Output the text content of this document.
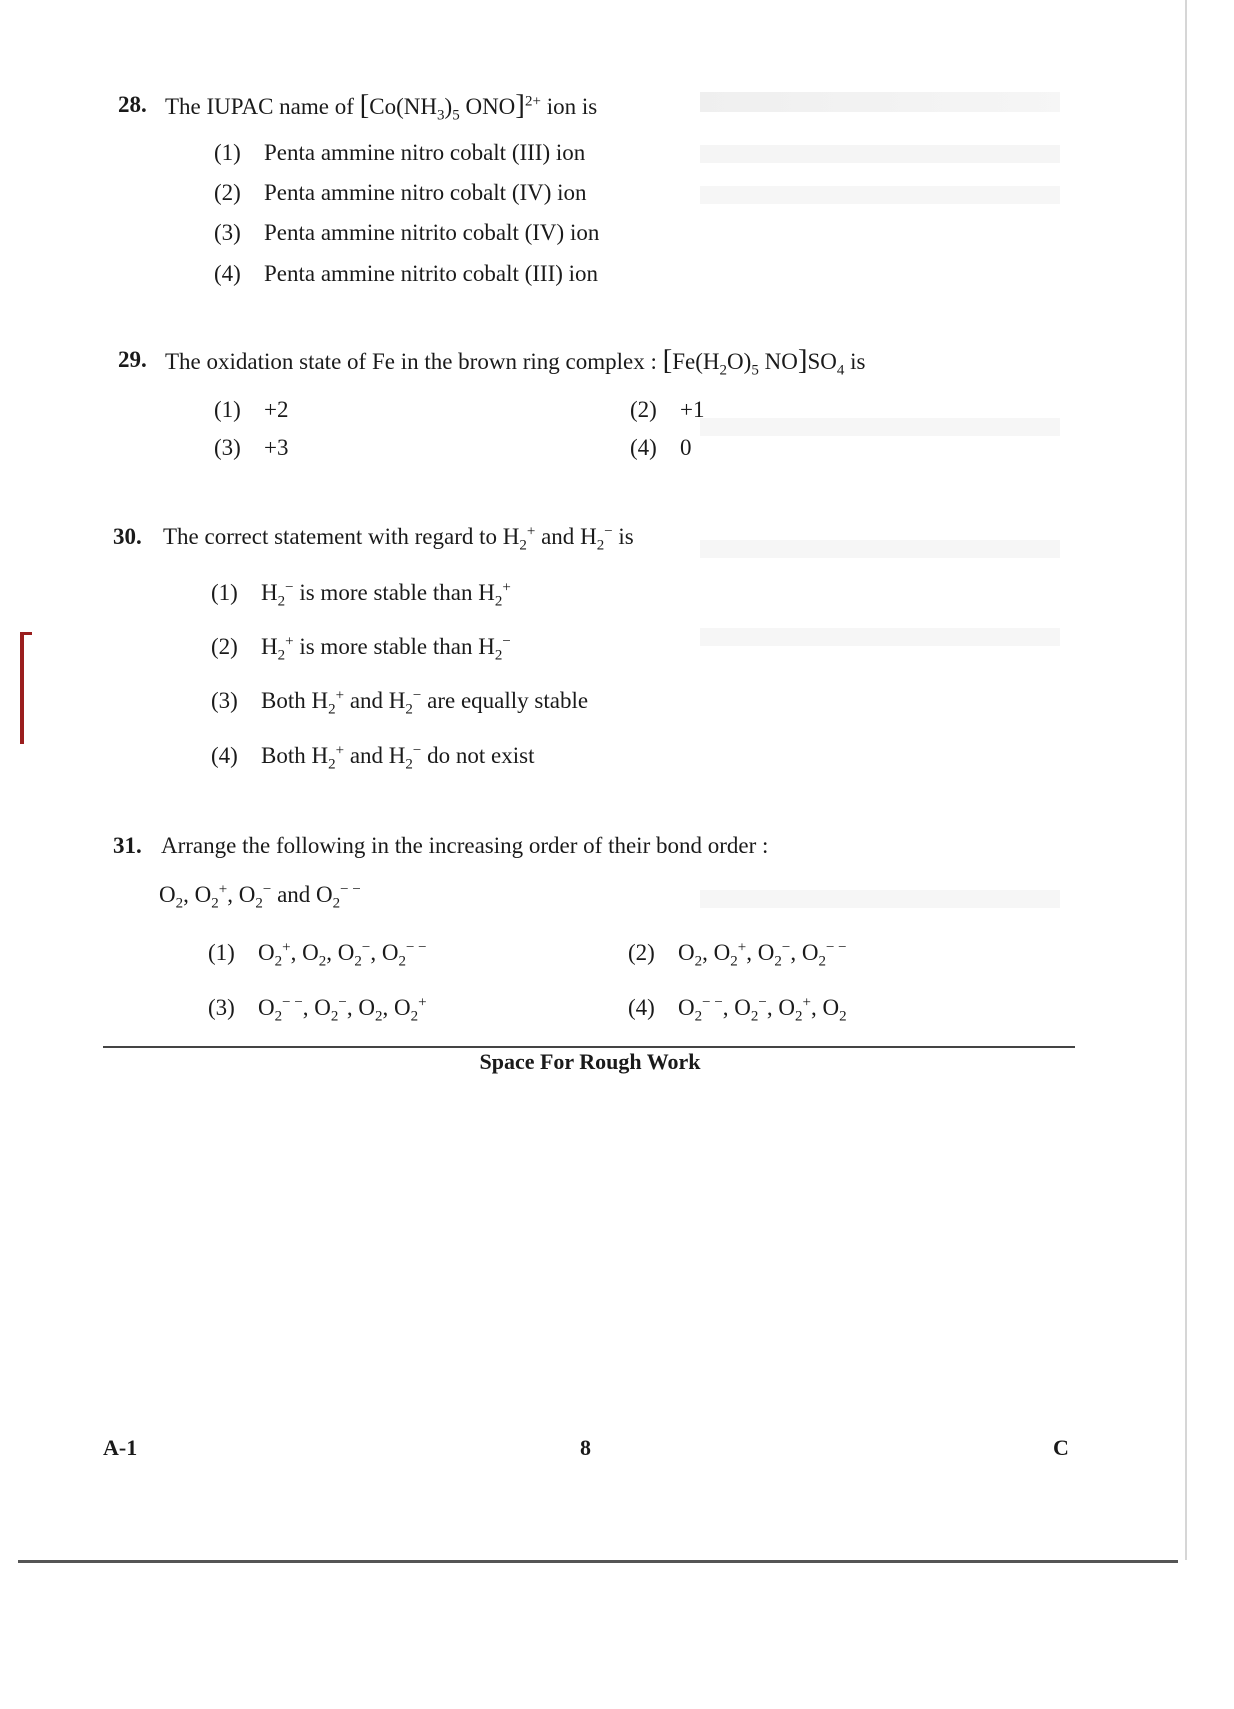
28. The IUPAC name of [$Co(NH_3)_5$ ONO]$^{2+}$ ion is
(1) Penta ammine nitro cobalt (III) ion
(2) Penta ammine nitro cobalt (IV) ion
(3) Penta ammine nitrito cobalt (IV) ion
(4) Penta ammine nitrito cobalt (III) ion
29. The oxidation state of Fe in the brown ring complex : [$Fe(H_2O)_5$ $NO]SO_4$ is
(1) +2	(2) +1
(3) +3	(4) 0
30. The correct statement with regard to $H_2^+$ and $H_2^-$ is
(1) $H_2^-$ is more stable than $H_2^+$
(2) $H_2^+$ is more stable than $H_2^-$
(3) Both $H_2^+$ and $H_2^-$ are equally stable
(4) Both $H_2^+$ and $H_2^-$ do not exist
31. Arrange the following in the increasing order of their bond order :
$O_2$, $O_2^+$, $O_2^-$ and $O_2^{- -}$
(1) $O_2^+$, $O_2$, $O_2^-$, $O_2^{- -}$	(2) $O_2$, $O_2^+$, $O_2^-$, $O_2^{- -}$
(3) $O_2^{- -}$, $O_2^-$, $O_2$, $O_2^+$	(4) $O_2^{- -}$, $O_2^-$, $O_2^+$, $O_2$
Space For Rough Work
A-1	8	C
